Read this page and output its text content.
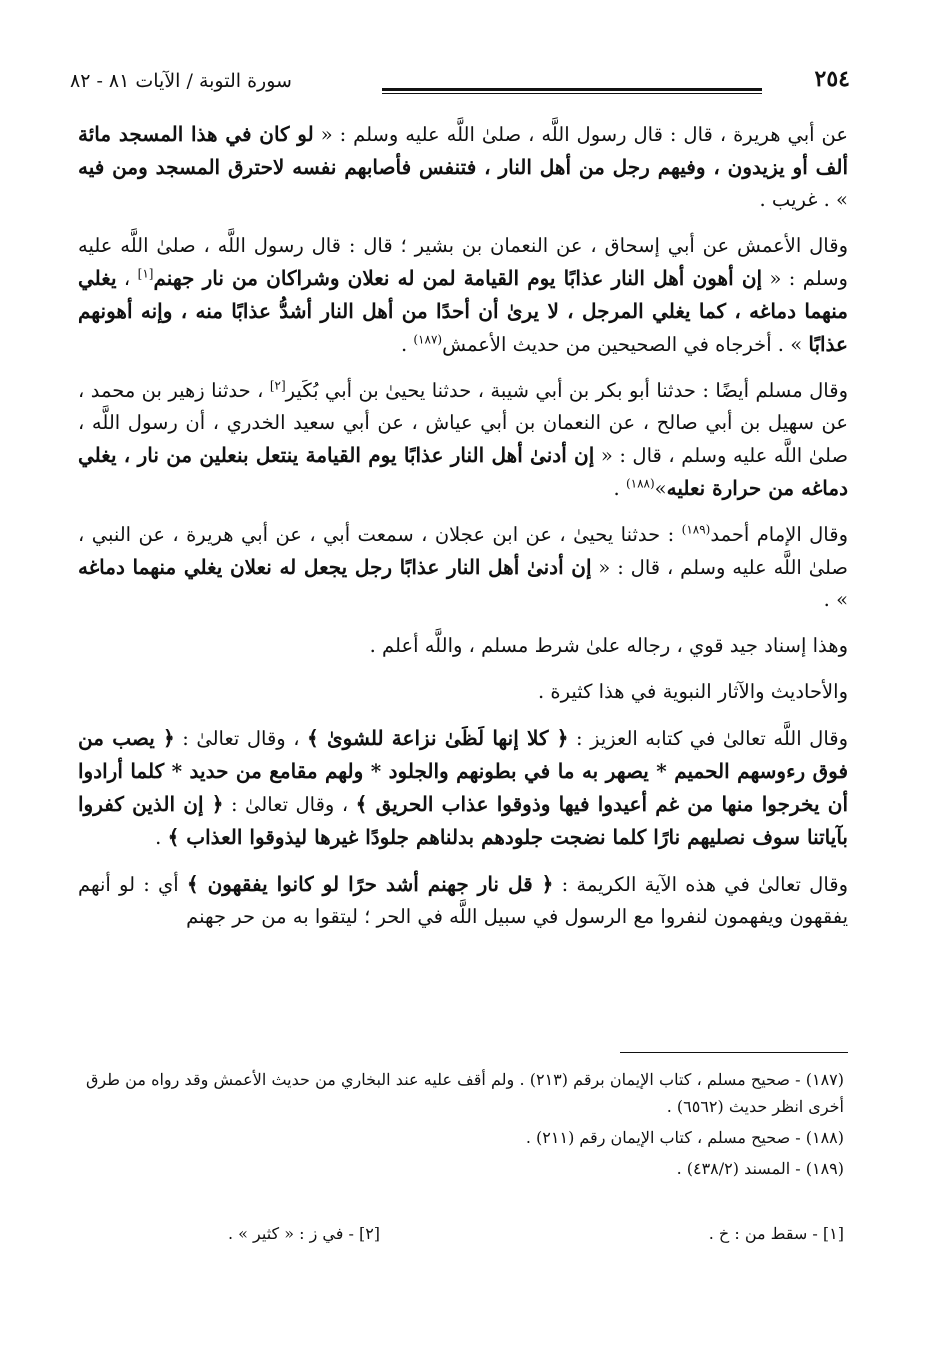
٢٥٤
سورة التوبة / الآيات ٨١ - ٨٢

عن أبي هريرة ، قال : قال رسول اللَّه ، صلىٰ اللَّه عليه وسلم : « لو كان في هذا المسجد مائة ألف أو يزيدون ، وفيهم رجل من أهل النار ، فتنفس فأصابهم نفسه لاحترق المسجد ومن فيه » . غريب .

وقال الأعمش عن أبي إسحاق ، عن النعمان بن بشير ؛ قال : قال رسول اللَّه ، صلىٰ اللَّه عليه وسلم : « إن أهون أهل النار عذابًا يوم القيامة لمن له نعلان وشراكان من نار جهنم[١] ، يغلي منهما دماغه ، كما يغلي المرجل ، لا يرىٰ أن أحدًا من أهل النار أشدُّ عذابًا منه ، وإنه أهونهم عذابًا » . أخرجاه في الصحيحين من حديث الأعمش$^{(١٨٧)}$ .

وقال مسلم أيضًا : حدثنا أبو بكر بن أبي شيبة ، حدثنا يحيىٰ بن أبي بُكَير[٢] ، حدثنا زهير بن محمد ، عن سهيل بن أبي صالح ، عن النعمان بن أبي عياش ، عن أبي سعيد الخدري ، أن رسول اللَّه ، صلىٰ اللَّه عليه وسلم ، قال : « إن أدنىٰ أهل النار عذابًا يوم القيامة ينتعل بنعلين من نار ، يغلي دماغه من حرارة نعليه»$^{(١٨٨)}$ .

وقال الإمام أحمد$^{(١٨٩)}$ : حدثنا يحيىٰ ، عن ابن عجلان ، سمعت أبي ، عن أبي هريرة ، عن النبي ، صلىٰ اللَّه عليه وسلم ، قال : « إن أدنىٰ أهل النار عذابًا رجل يجعل له نعلان يغلي منهما دماغه » .

وهذا إسناد جيد قوي ، رجاله علىٰ شرط مسلم ، واللَّه أعلم .

والأحاديث والآثار النبوية في هذا كثيرة .

وقال اللَّه تعالىٰ في كتابه العزيز : ﴿ كلا إنها لَظَىٰ نزاعة للشوىٰ ﴾ ، وقال تعالىٰ : ﴿ يصب من فوق رءوسهم الحميم * يصهر به ما في بطونهم والجلود * ولهم مقامع من حديد * كلما أرادوا أن يخرجوا منها من غم أعيدوا فيها وذوقوا عذاب الحريق ﴾ ، وقال تعالىٰ : ﴿ إن الذين كفروا بآياتنا سوف نصليهم نارًا كلما نضجت جلودهم بدلناهم جلودًا غيرها ليذوقوا العذاب ﴾ .

وقال تعالىٰ في هذه الآية الكريمة : ﴿ قل نار جهنم أشد حرًا لو كانوا يفقهون ﴾ أي : لو أنهم يفقهون ويفهمون لنفروا مع الرسول في سبيل اللَّه في الحر ؛ ليتقوا به من حر جهنم

(١٨٧) - صحيح مسلم ، كتاب الإيمان برقم (٢١٣) . ولم أقف عليه عند البخاري من حديث الأعمش وقد رواه من طرق أخرى انظر حديث (٦٥٦٢) .

(١٨٨) - صحيح مسلم ، كتاب الإيمان رقم (٢١١) .

(١٨٩) - المسند (٤٣٨/٢) .

[١] - سقط من : خ .
[٢] - في ز : « كثير » .
